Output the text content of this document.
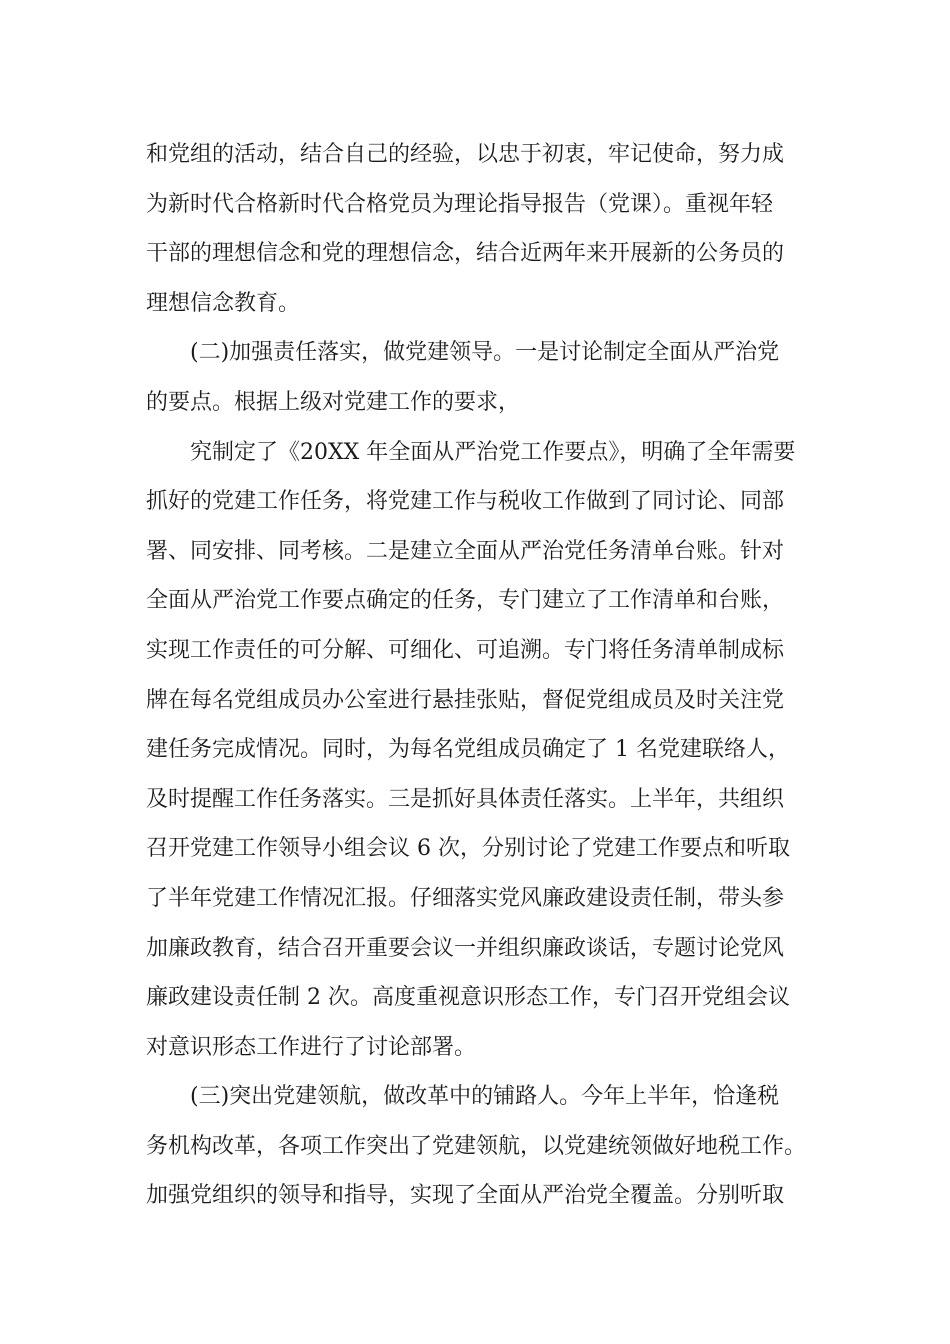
和党组的活动，结合自己的经验，以忠于初衷，牢记使命，努力成
为新时代合格新时代合格党员为理论指导报告（党课）。重视年轻
干部的理想信念和党的理想信念，结合近两年来开展新的公务员的
理想信念教育。
(二)加强责任落实，做党建领导。一是讨论制定全面从严治党
的要点。根据上级对党建工作的要求，
究制定了《20XX 年全面从严治党工作要点》，明确了全年需要
抓好的党建工作任务，将党建工作与税收工作做到了同讨论、同部
署、同安排、同考核。二是建立全面从严治党任务清单台账。针对
全面从严治党工作要点确定的任务，专门建立了工作清单和台账，
实现工作责任的可分解、可细化、可追溯。专门将任务清单制成标
牌在每名党组成员办公室进行悬挂张贴，督促党组成员及时关注党
建任务完成情况。同时，为每名党组成员确定了 1 名党建联络人，
及时提醒工作任务落实。三是抓好具体责任落实。上半年，共组织
召开党建工作领导小组会议 6 次，分别讨论了党建工作要点和听取
了半年党建工作情况汇报。仔细落实党风廉政建设责任制，带头参
加廉政教育，结合召开重要会议一并组织廉政谈话，专题讨论党风
廉政建设责任制 2 次。高度重视意识形态工作，专门召开党组会议
对意识形态工作进行了讨论部署。
(三)突出党建领航，做改革中的铺路人。今年上半年，恰逢税
务机构改革，各项工作突出了党建领航，以党建统领做好地税工作。
加强党组织的领导和指导，实现了全面从严治党全覆盖。分别听取
